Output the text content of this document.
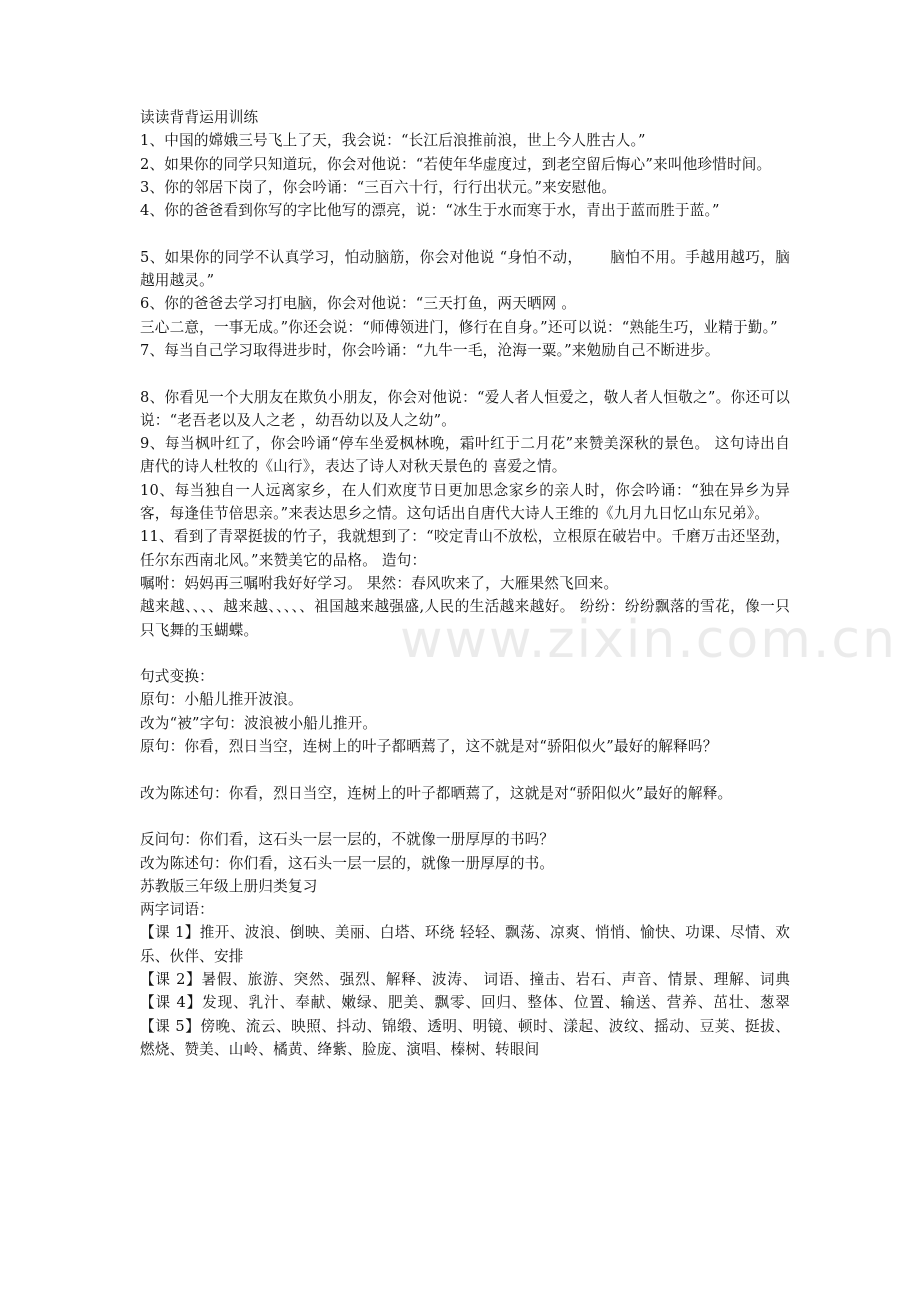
www.zixin.com.cn

读读背背运用训练

1、中国的嫦娥三号飞上了天，我会说：“长江后浪推前浪，世上今人胜古人。”

2、如果你的同学只知道玩，你会对他说：“若使年华虚度过，到老空留后悔心”来叫他珍惜时间。

3、你的邻居下岗了，你会吟诵：“三百六十行，行行出状元。”来安慰他。

4、你的爸爸看到你写的字比他写的漂亮，说：“冰生于水而寒于水，青出于蓝而胜于蓝。”

5、如果你的同学不认真学习，怕动脑筋，你会对他说 “身怕不动，　　 脑怕不用。手越用越巧，脑越用越灵。”

6、你的爸爸去学习打电脑，你会对他说：“三天打鱼，两天晒网 。

三心二意，一事无成。”你还会说：“师傅领进门，修行在自身。”还可以说：“熟能生巧，业精于勤。”

7、每当自己学习取得进步时，你会吟诵：“九牛一毛，沧海一粟。”来勉励自己不断进步。

8、你看见一个大朋友在欺负小朋友，你会对他说：“爱人者人恒爱之，敬人者人恒敬之”。你还可以说：“老吾老以及人之老 ，幼吾幼以及人之幼”。

9、每当枫叶红了，你会吟诵“停车坐爱枫林晚，霜叶红于二月花”来赞美深秋的景色。 这句诗出自唐代的诗人杜牧的《山行》，表达了诗人对秋天景色的 喜爱之情。

10、每当独自一人远离家乡，在人们欢度节日更加思念家乡的亲人时，你会吟诵：“独在异乡为异客，每逢佳节倍思亲。”来表达思乡之情。这句话出自唐代大诗人王维的《九月九日忆山东兄弟》。

11、看到了青翠挺拔的竹子，我就想到了：“咬定青山不放松，立根原在破岩中。千磨万击还坚劲，任尔东西南北风。”来赞美它的品格。 造句：

嘱咐：妈妈再三嘱咐我好好学习。 果然：春风吹来了，大雁果然飞回来。

越来越、、、、越来越、、、、、祖国越来越强盛,人民的生活越来越好。 纷纷：纷纷飘落的雪花，像一只只飞舞的玉蝴蝶。

句式变换：

原句：小船儿推开波浪。

改为“被”字句：波浪被小船儿推开。

原句：你看，烈日当空，连树上的叶子都晒蔫了，这不就是对“骄阳似火”最好的解释吗？

改为陈述句：你看，烈日当空，连树上的叶子都晒蔫了，这就是对“骄阳似火”最好的解释。

反问句：你们看，这石头一层一层的，不就像一册厚厚的书吗？

改为陈述句：你们看，这石头一层一层的，就像一册厚厚的书。

苏教版三年级上册归类复习

两字词语：

【课 1】推开、波浪、倒映、美丽、白塔、环绕 轻轻、飘荡、凉爽、悄悄、愉快、功课、尽情、欢乐、伙伴、安排

【课 2】暑假、旅游、突然、强烈、解释、波涛、 词语、撞击、岩石、声音、情景、理解、词典 【课 4】发现、乳汁、奉献、嫩绿、肥美、飘零、回归、整体、位置、输送、营养、茁壮、葱翠 【课 5】傍晚、流云、映照、抖动、锦缎、透明、明镜、顿时、漾起、波纹、摇动、豆荚、挺拔、燃烧、赞美、山岭、橘黄、绛紫、脸庞、演唱、榛树、转眼间
